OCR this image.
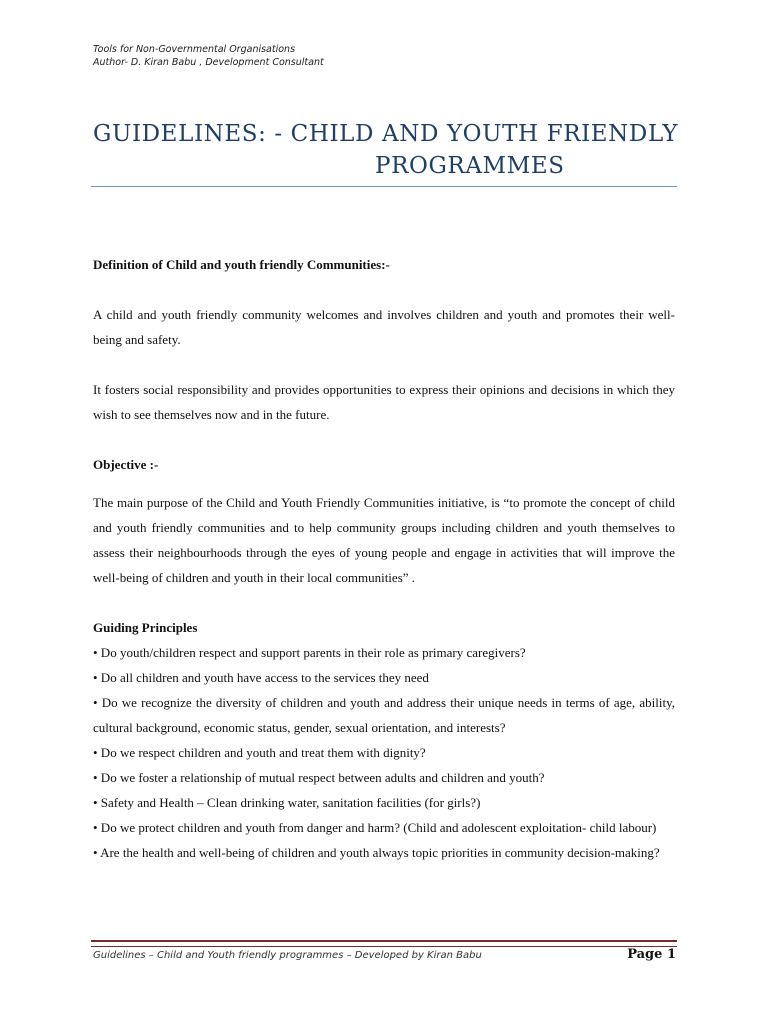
Tools for Non-Governmental Organisations
Author- D. Kiran Babu , Development Consultant
GUIDELINES: - CHILD AND YOUTH FRIENDLY
PROGRAMMES
Definition of Child and youth friendly Communities:-

A child and youth friendly community welcomes and involves children and youth and promotes their well-being and safety.

It fosters social responsibility and provides opportunities to express their opinions and decisions in which they wish to see themselves now and in the future.

Objective :-

The main purpose of the Child and Youth Friendly Communities initiative, is “to promote the concept of child and youth friendly communities and to help community groups including children and youth themselves to assess their neighbourhoods through the eyes of young people and engage in activities that will improve the well-being of children and youth in their local communities” .

Guiding Principles

• Do youth/children respect and support parents in their role as primary caregivers?

• Do all children and youth have access to the services they need

• Do we recognize the diversity of children and youth and address their unique needs in terms of age, ability, cultural background, economic status, gender, sexual orientation, and interests?

• Do we respect children and youth and treat them with dignity?

• Do we foster a relationship of mutual respect between adults and children and youth?

• Safety and Health – Clean drinking water, sanitation facilities (for girls?)

• Do we protect children and youth from danger and harm? (Child and adolescent exploitation- child labour)

• Are the health and well-being of children and youth always topic priorities in community decision-making?

Guidelines – Child and Youth friendly programmes – Developed by Kiran Babu	Page 1
